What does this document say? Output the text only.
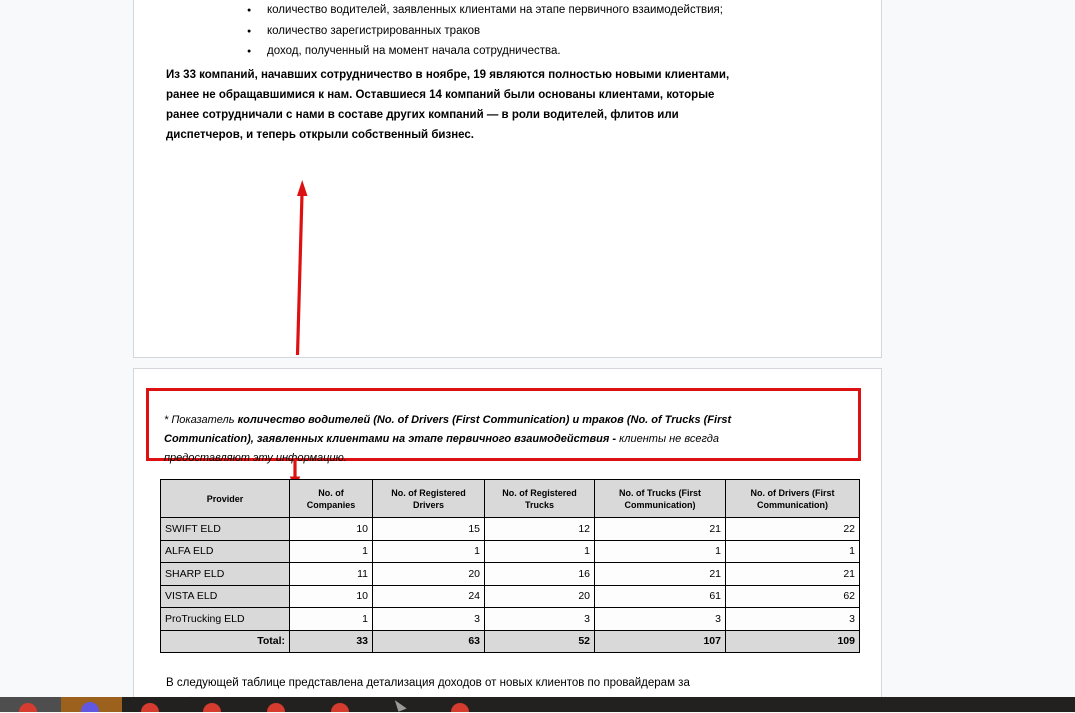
● количество водителей, заявленных клиентами на этапе первичного взаимодействия;
● количество зарегистрированных траков
● доход, полученный на момент начала сотрудничества.
Из 33 компаний, начавших сотрудничество в ноябре, 19 являются полностью новыми клиентами,
ранее не обращавшимися к нам. Оставшиеся 14 компаний были основаны клиентами, которые
ранее сотрудничали с нами в составе других компаний — в роли водителей, флитов или
диспетчеров, и теперь открыли собственный бизнес.
* Показатель количество водителей (No. of Drivers (First Communication) и траков (No. of Trucks (First
Communication), заявленных клиентами на этапе первичного взаимодействия - клиенты не всегда
предоставляют эту информацию.
Provider	No. of Companies	No. of Registered Drivers	No. of Registered Trucks	No. of Trucks (First Communication)	No. of Drivers (First Communication)
SWIFT ELD	10	15	12	21	22
ALFA ELD	1	1	1	1	1
SHARP ELD	11	20	16	21	21
VISTA ELD	10	24	20	61	62
ProTrucking ELD	1	3	3	3	3
Total:	33	63	52	107	109
В следующей таблице представлена детализация доходов от новых клиентов по провайдерам за
